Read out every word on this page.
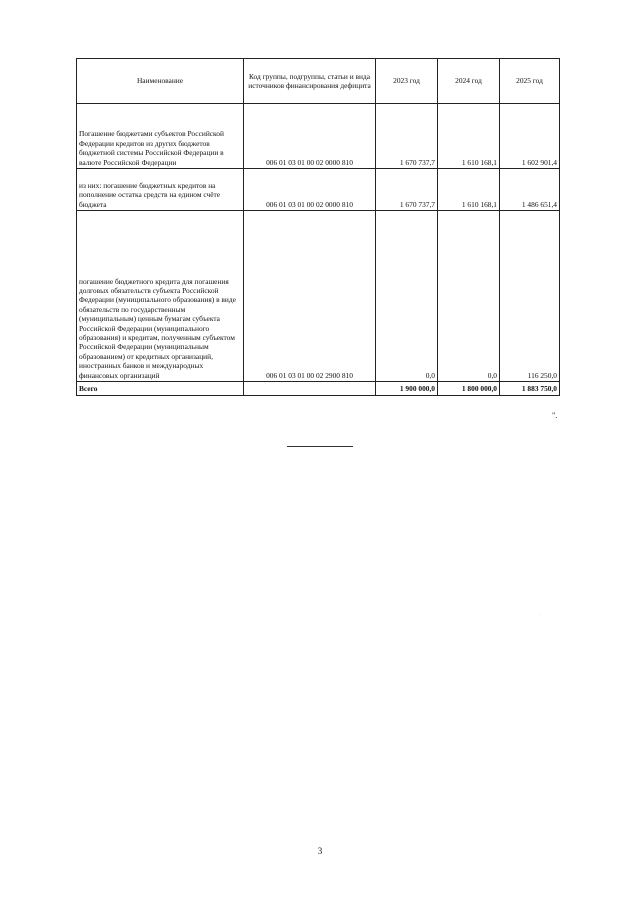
Наименование	Код группы, подгруппы, статьи и вида источников финансирования дефицита	2023 год	2024 год	2025 год
Погашение бюджетами субъектов Российской Федерации кредитов из других бюджетов бюджетной системы Российской Федерации в валюте Российской Федерации	006 01 03 01 00 02 0000 810	1 670 737,7	1 610 168,1	1 602 901,4
из них: погашение бюджетных кредитов на пополнение остатка средств на едином счёте бюджета	006 01 03 01 00 02 0000 810	1 670 737,7	1 610 168,1	1 486 651,4
погашение бюджетного кредита для погашения долговых обязательств субъекта Российской Федерации (муниципального образования) в виде обязательств по государственным (муниципальным) ценным бумагам субъекта Российской Федерации (муниципального образования) и кредитам, полученным субъектом Российской Федерации (муниципальным образованием) от кредитных организаций, иностранных банков и международных финансовых организаций	006 01 03 01 00 02 2900 810	0,0	0,0	116 250,0
Всего		1 900 000,0	1 800 000,0	1 883 750,0
".
·
3
